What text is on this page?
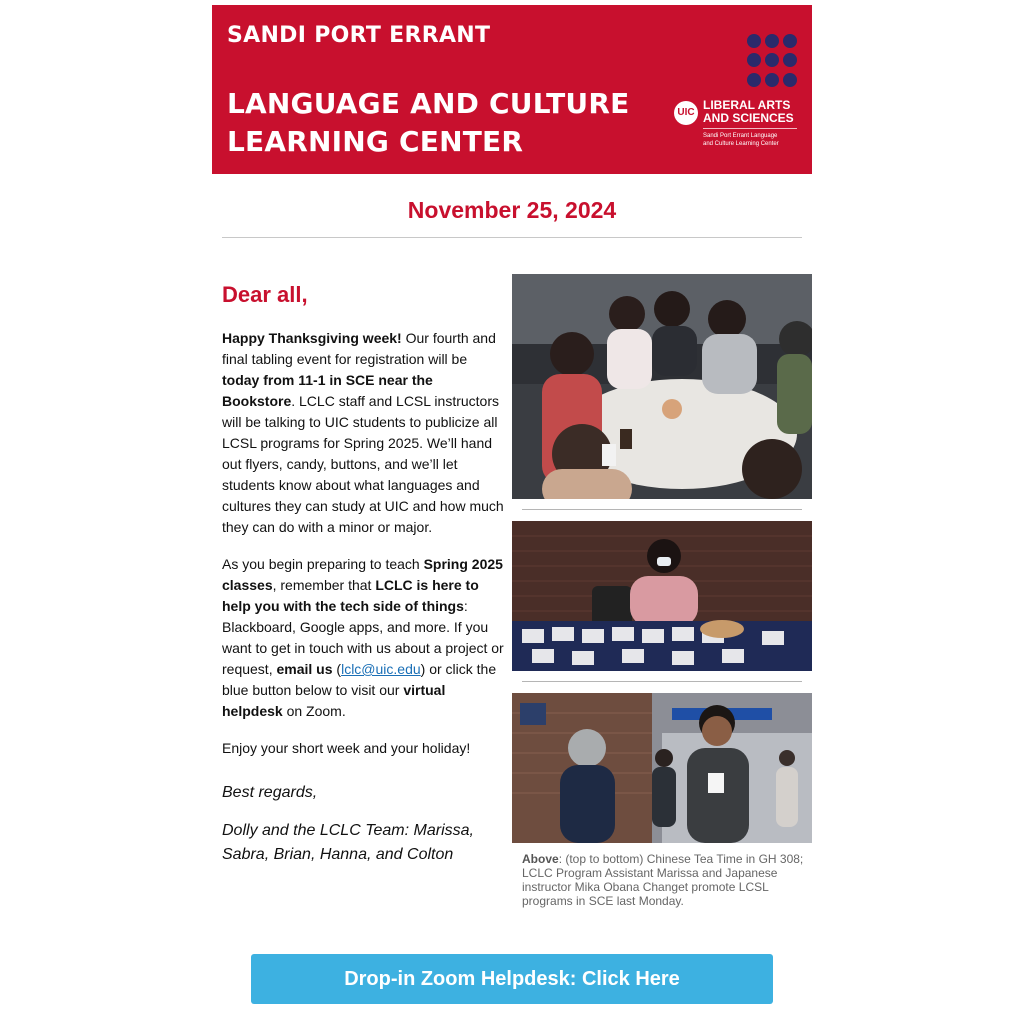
SANDI PORT ERRANT
LANGUAGE AND CULTURE
LEARNING CENTER
UIC
LIBERAL ARTS
AND SCIENCES
Sandi Port Errant Language
and Culture Learning Center
November 25, 2024
Dear all,

Happy Thanksgiving week! Our fourth and final tabling event for registration will be today from 11-1 in SCE near the Bookstore. LCLC staff and LCSL instructors will be talking to UIC students to publicize all LCSL programs for Spring 2025. We’ll hand out flyers, candy, buttons, and we’ll let students know about what languages and cultures they can study at UIC and how much they can do with a minor or major.

As you begin preparing to teach Spring 2025 classes, remember that LCLC is here to help you with the tech side of things: Blackboard, Google apps, and more. If you want to get in touch with us about a project or request, email us (lclc@uic.edu) or click the blue button below to visit our virtual helpdesk on Zoom.

Enjoy your short week and your holiday!

Best regards,

Dolly and the LCLC Team: Marissa, Sabra, Brian, Hanna, and Colton	Above: (top to bottom) Chinese Tea Time in GH 308; LCLC Program Assistant Marissa and Japanese instructor Mika Obana Changet promote LCSL programs in SCE last Monday.
Drop-in Zoom Helpdesk: Click Here
